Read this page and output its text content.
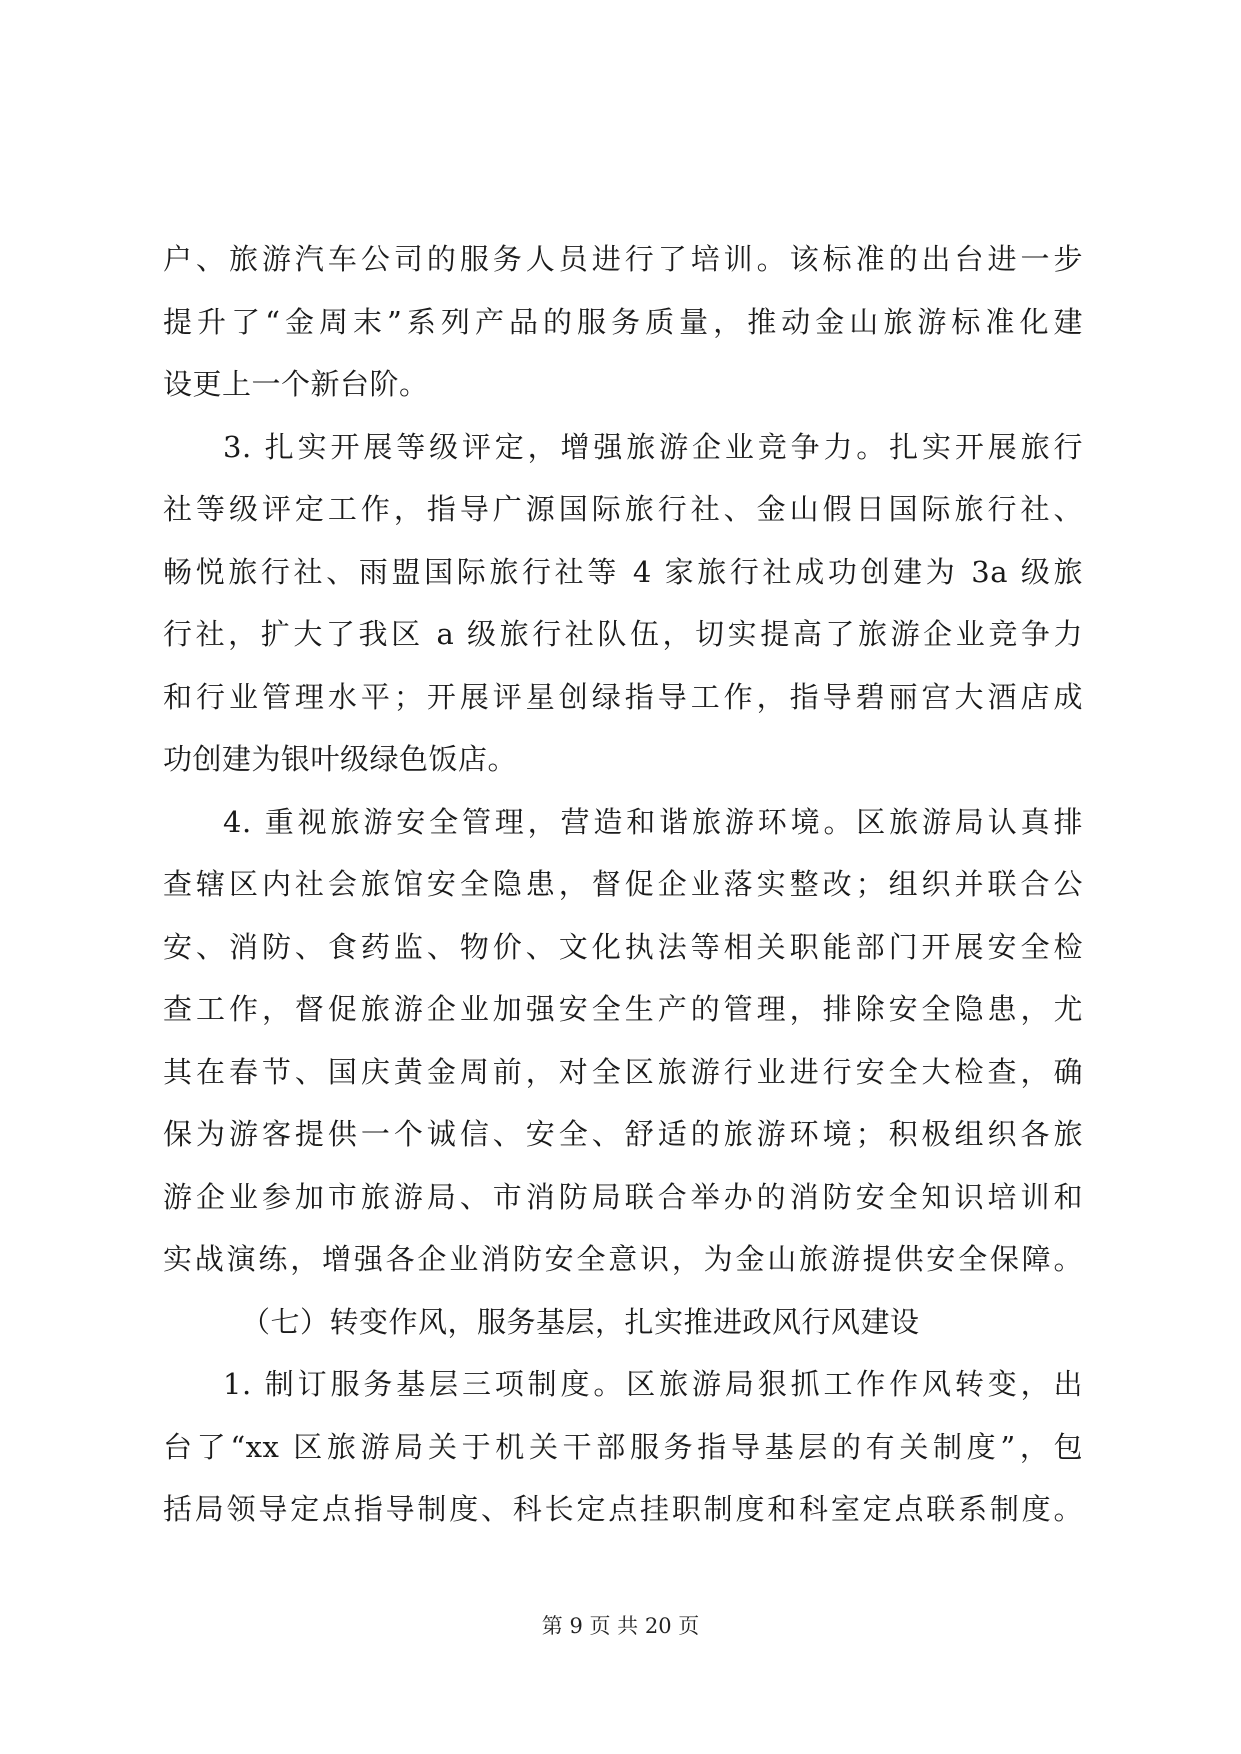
户、旅游汽车公司的服务人员进行了培训。该标准的出台进一步
提升了“金周末”系列产品的服务质量，推动金山旅游标准化建
设更上一个新台阶。
3. 扎实开展等级评定，增强旅游企业竞争力。扎实开展旅行
社等级评定工作，指导广源国际旅行社、金山假日国际旅行社、
畅悦旅行社、雨盟国际旅行社等 4 家旅行社成功创建为 3a 级旅
行社，扩大了我区 a 级旅行社队伍，切实提高了旅游企业竞争力
和行业管理水平；开展评星创绿指导工作，指导碧丽宫大酒店成
功创建为银叶级绿色饭店。
4. 重视旅游安全管理，营造和谐旅游环境。区旅游局认真排
查辖区内社会旅馆安全隐患，督促企业落实整改；组织并联合公
安、消防、食药监、物价、文化执法等相关职能部门开展安全检
查工作，督促旅游企业加强安全生产的管理，排除安全隐患，尤
其在春节、国庆黄金周前，对全区旅游行业进行安全大检查，确
保为游客提供一个诚信、安全、舒适的旅游环境；积极组织各旅
游企业参加市旅游局、市消防局联合举办的消防安全知识培训和
实战演练，增强各企业消防安全意识，为金山旅游提供安全保障。
（七）转变作风，服务基层，扎实推进政风行风建设
1. 制订服务基层三项制度。区旅游局狠抓工作作风转变，出
台了“xx 区旅游局关于机关干部服务指导基层的有关制度”，包
括局领导定点指导制度、科长定点挂职制度和科室定点联系制度。
第 9 页 共 20 页
